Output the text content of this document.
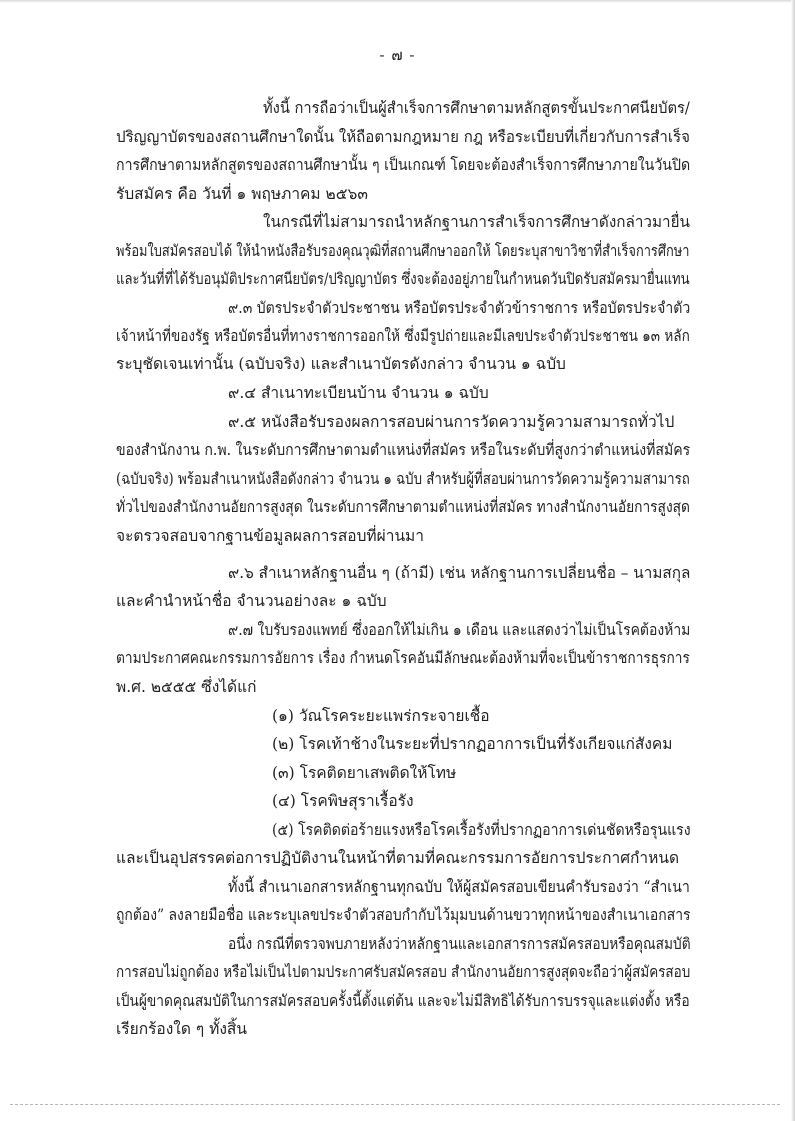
- ๗ -
ทั้งนี้ การถือว่าเป็นผู้สำเร็จการศึกษาตามหลักสูตรขั้นประกาศนียบัตร/
ปริญญาบัตรของสถานศึกษาใดนั้น ให้ถือตามกฎหมาย กฎ หรือระเบียบที่เกี่ยวกับการสำเร็จ
การศึกษาตามหลักสูตรของสถานศึกษานั้น ๆ เป็นเกณฑ์ โดยจะต้องสำเร็จการศึกษาภายในวันปิด
รับสมัคร คือ วันที่ ๑ พฤษภาคม ๒๕๖๓
ในกรณีที่ไม่สามารถนำหลักฐานการสำเร็จการศึกษาดังกล่าวมายื่น
พร้อมใบสมัครสอบได้ ให้นำหนังสือรับรองคุณวุฒิที่สถานศึกษาออกให้ โดยระบุสาขาวิชาที่สำเร็จการศึกษา
และวันที่ที่ได้รับอนุมัติประกาศนียบัตร/ปริญญาบัตร ซึ่งจะต้องอยู่ภายในกำหนดวันปิดรับสมัครมายื่นแทน
๙.๓ บัตรประจำตัวประชาชน หรือบัตรประจำตัวข้าราชการ หรือบัตรประจำตัว
เจ้าหน้าที่ของรัฐ หรือบัตรอื่นที่ทางราชการออกให้ ซึ่งมีรูปถ่ายและมีเลขประจำตัวประชาชน ๑๓ หลัก
ระบุชัดเจนเท่านั้น (ฉบับจริง) และสำเนาบัตรดังกล่าว จำนวน ๑ ฉบับ
๙.๔ สำเนาทะเบียนบ้าน จำนวน ๑ ฉบับ
๙.๕ หนังสือรับรองผลการสอบผ่านการวัดความรู้ความสามารถทั่วไป
ของสำนักงาน ก.พ. ในระดับการศึกษาตามตำแหน่งที่สมัคร หรือในระดับที่สูงกว่าตำแหน่งที่สมัคร
(ฉบับจริง) พร้อมสำเนาหนังสือดังกล่าว จำนวน ๑ ฉบับ สำหรับผู้ที่สอบผ่านการวัดความรู้ความสามารถ
ทั่วไปของสำนักงานอัยการสูงสุด ในระดับการศึกษาตามตำแหน่งที่สมัคร ทางสำนักงานอัยการสูงสุด
จะตรวจสอบจากฐานข้อมูลผลการสอบที่ผ่านมา
๙.๖ สำเนาหลักฐานอื่น ๆ (ถ้ามี) เช่น หลักฐานการเปลี่ยนชื่อ – นามสกุล
และคำนำหน้าชื่อ จำนวนอย่างละ ๑ ฉบับ
๙.๗ ใบรับรองแพทย์ ซึ่งออกให้ไม่เกิน ๑ เดือน และแสดงว่าไม่เป็นโรคต้องห้าม
ตามประกาศคณะกรรมการอัยการ เรื่อง กำหนดโรคอันมีลักษณะต้องห้ามที่จะเป็นข้าราชการธุรการ
พ.ศ. ๒๕๕๕ ซึ่งได้แก่
(๑) วัณโรคระยะแพร่กระจายเชื้อ
(๒) โรคเท้าช้างในระยะที่ปรากฏอาการเป็นที่รังเกียจแก่สังคม
(๓) โรคติดยาเสพติดให้โทษ
(๔) โรคพิษสุราเรื้อรัง
(๕) โรคติดต่อร้ายแรงหรือโรคเรื้อรังที่ปรากฏอาการเด่นชัดหรือรุนแรง
และเป็นอุปสรรคต่อการปฏิบัติงานในหน้าที่ตามที่คณะกรรมการอัยการประกาศกำหนด
ทั้งนี้ สำเนาเอกสารหลักฐานทุกฉบับ ให้ผู้สมัครสอบเขียนคำรับรองว่า “สำเนา
ถูกต้อง” ลงลายมือชื่อ และระบุเลขประจำตัวสอบกำกับไว้มุมบนด้านขวาทุกหน้าของสำเนาเอกสาร
อนึ่ง กรณีที่ตรวจพบภายหลังว่าหลักฐานและเอกสารการสมัครสอบหรือคุณสมบัติ
การสอบไม่ถูกต้อง หรือไม่เป็นไปตามประกาศรับสมัครสอบ สำนักงานอัยการสูงสุดจะถือว่าผู้สมัครสอบ
เป็นผู้ขาดคุณสมบัติในการสมัครสอบครั้งนี้ตั้งแต่ต้น และจะไม่มีสิทธิได้รับการบรรจุและแต่งตั้ง หรือ
เรียกร้องใด ๆ ทั้งสิ้น
